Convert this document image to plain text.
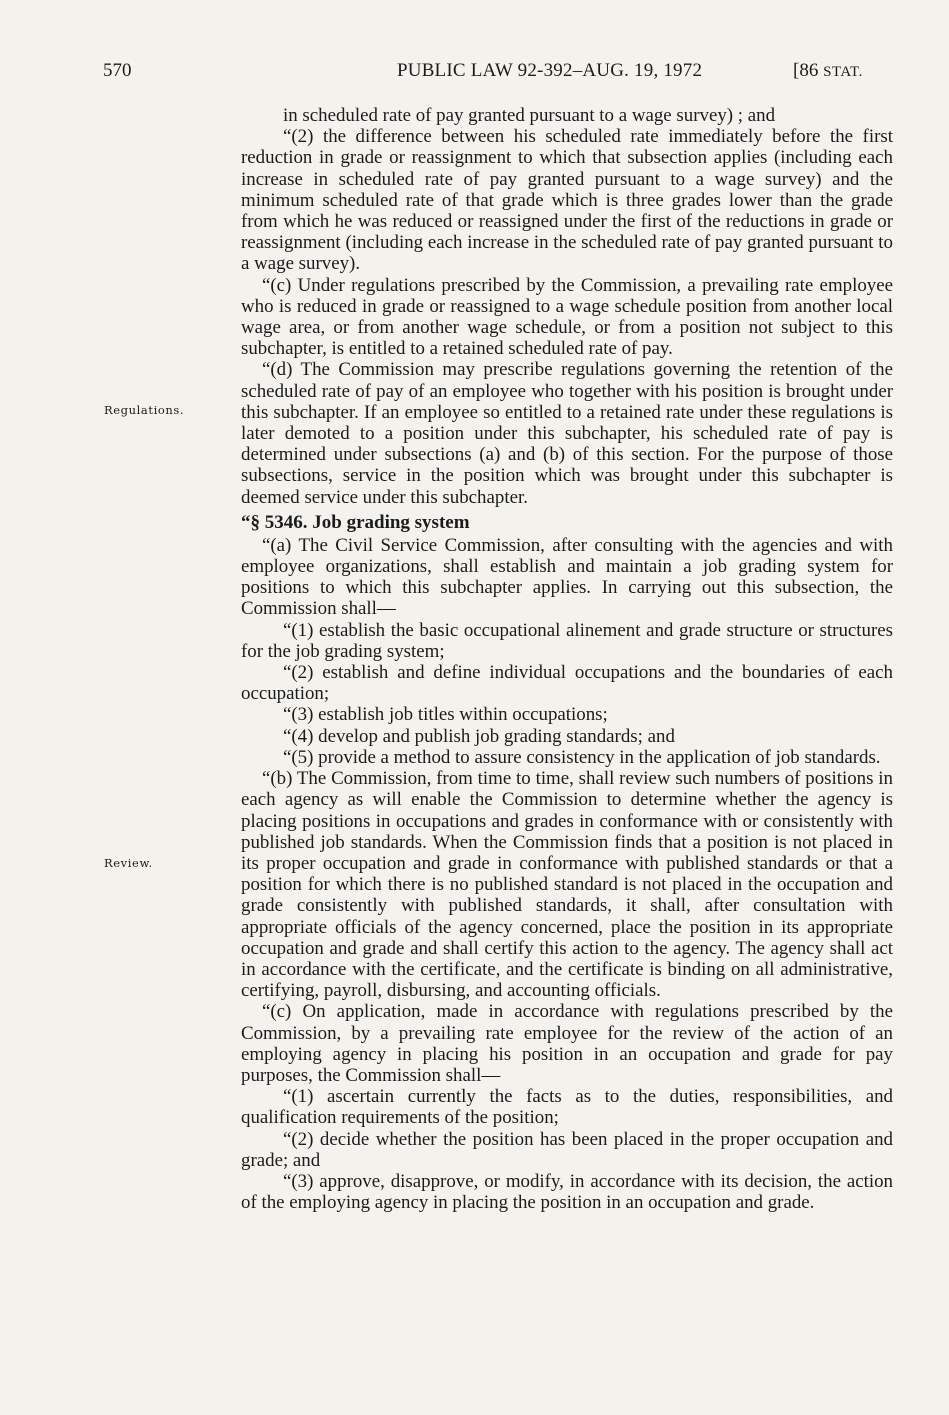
570	PUBLIC LAW 92-392–AUG. 19, 1972	[86 STAT.
Regulations.
Review.

in scheduled rate of pay granted pursuant to a wage survey) ; and

“(2) the difference between his scheduled rate immediately before the first reduction in grade or reassignment to which that subsection applies (including each increase in scheduled rate of pay granted pursuant to a wage survey) and the minimum scheduled rate of that grade which is three grades lower than the grade from which he was reduced or reassigned under the first of the reductions in grade or reassignment (including each increase in the scheduled rate of pay granted pursuant to a wage survey).

“(c) Under regulations prescribed by the Commission, a prevailing rate employee who is reduced in grade or reassigned to a wage schedule position from another local wage area, or from another wage schedule, or from a position not subject to this subchapter, is entitled to a retained scheduled rate of pay.

“(d) The Commission may prescribe regulations governing the retention of the scheduled rate of pay of an employee who together with his position is brought under this subchapter. If an employee so entitled to a retained rate under these regulations is later demoted to a position under this subchapter, his scheduled rate of pay is determined under subsections (a) and (b) of this section. For the purpose of those subsections, service in the position which was brought under this subchapter is deemed service under this subchapter.

“§ 5346. Job grading system

“(a) The Civil Service Commission, after consulting with the agencies and with employee organizations, shall establish and maintain a job grading system for positions to which this subchapter applies. In carrying out this subsection, the Commission shall—

“(1) establish the basic occupational alinement and grade structure or structures for the job grading system;

“(2) establish and define individual occupations and the boundaries of each occupation;

“(3) establish job titles within occupations;

“(4) develop and publish job grading standards; and

“(5) provide a method to assure consistency in the application of job standards.

“(b) The Commission, from time to time, shall review such numbers of positions in each agency as will enable the Commission to determine whether the agency is placing positions in occupations and grades in conformance with or consistently with published job standards. When the Commission finds that a position is not placed in its proper occupation and grade in conformance with published standards or that a position for which there is no published standard is not placed in the occupation and grade consistently with published standards, it shall, after consultation with appropriate officials of the agency concerned, place the position in its appropriate occupation and grade and shall certify this action to the agency. The agency shall act in accordance with the certificate, and the certificate is binding on all administrative, certifying, payroll, disbursing, and accounting officials.

“(c) On application, made in accordance with regulations prescribed by the Commission, by a prevailing rate employee for the review of the action of an employing agency in placing his position in an occupation and grade for pay purposes, the Commission shall—

“(1) ascertain currently the facts as to the duties, responsibilities, and qualification requirements of the position;

“(2) decide whether the position has been placed in the proper occupation and grade; and

“(3) approve, disapprove, or modify, in accordance with its decision, the action of the employing agency in placing the position in an occupation and grade.
